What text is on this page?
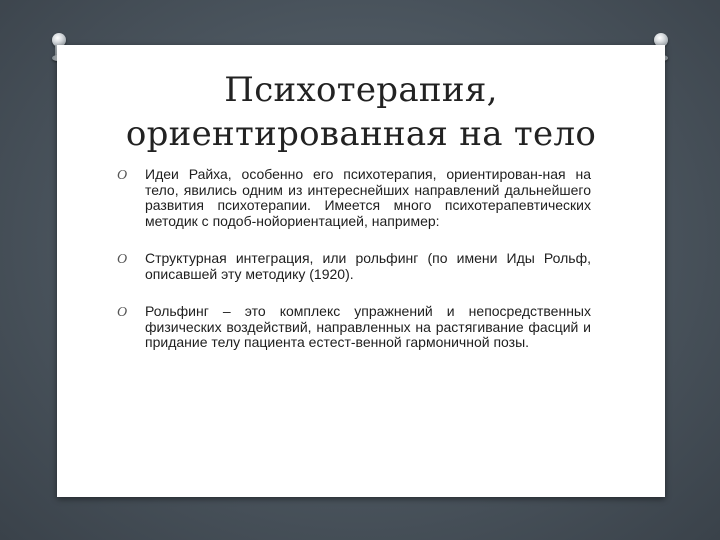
Психотерапия,
ориентированная на тело
O Идеи Райха, особенно его психотерапия, ориентирован-ная на тело, явились одним из интереснейших направлений дальнейшего развития психотерапии. Имеется много психотерапевтических методик с подоб-нойориентацией, например:
O Структурная интеграция, или рольфинг (по имени Иды Рольф, описавшей эту методику (1920).
O Рольфинг – это комплекс упражнений и непосредственных физических воздействий, направленных на растягивание фасций и придание телу пациента естест-венной гармоничной позы.
